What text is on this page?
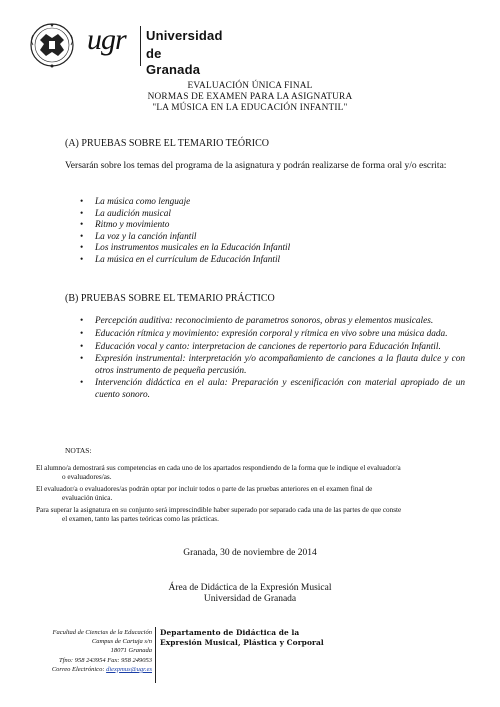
ugr Universidad
de Granada
EVALUACIÓN ÚNICA FINAL
NORMAS DE EXAMEN PARA LA ASIGNATURA
"LA MÚSICA EN LA EDUCACIÓN INFANTIL"
(A) PRUEBAS SOBRE EL TEMARIO TEÓRICO
Versarán sobre los temas del programa de la asignatura y podrán realizarse de forma oral y/o escrita:
• La música como lenguaje
• La audición musical
• Ritmo y movimiento
• La voz y la canción infantil
• Los instrumentos musicales en la Educación Infantil
• La música en el currículum de Educación Infantil
(B) PRUEBAS SOBRE EL TEMARIO PRÁCTICO
• Percepción auditiva: reconocimiento de parametros sonoros, obras y elementos musicales.
• Educación rítmica y movimiento: expresión corporal y rítmica en vivo sobre una música dada.
• Educación vocal y canto: interpretacion de canciones de repertorio para Educación Infantil.
• Expresión instrumental: interpretación y/o acompañamiento de canciones a la flauta dulce y con otros instrumento de pequeña percusión.
• Intervención didáctica en el aula: Preparación y escenificación con material apropiado de un cuento sonoro.
NOTAS:
El alumno/a demostrará sus competencias en cada uno de los apartados respondiendo de la forma que le indique el evaluador/a
o evaluadores/as.
El evaluador/a o evaluadores/as podrán optar por incluir todos o parte de las pruebas anteriores en el examen final de
evaluación única.
Para superar la asignatura en su conjunto será imprescindible haber superado por separado cada una de las partes de que conste
el examen, tanto las partes teóricas como las prácticas.
Granada, 30 de noviembre de 2014
Área de Didáctica de la Expresión Musical
Universidad de Granada
Facultad de Ciencias de la Educación
Campus de Cartuja s/n
18071 Granada
Tfno: 958 243954 Fax: 958 249053
Correo Electrónico: diexpmus@ugr.es
Departamento de Didáctica de la
Expresión Musical, Plástica y Corporal
